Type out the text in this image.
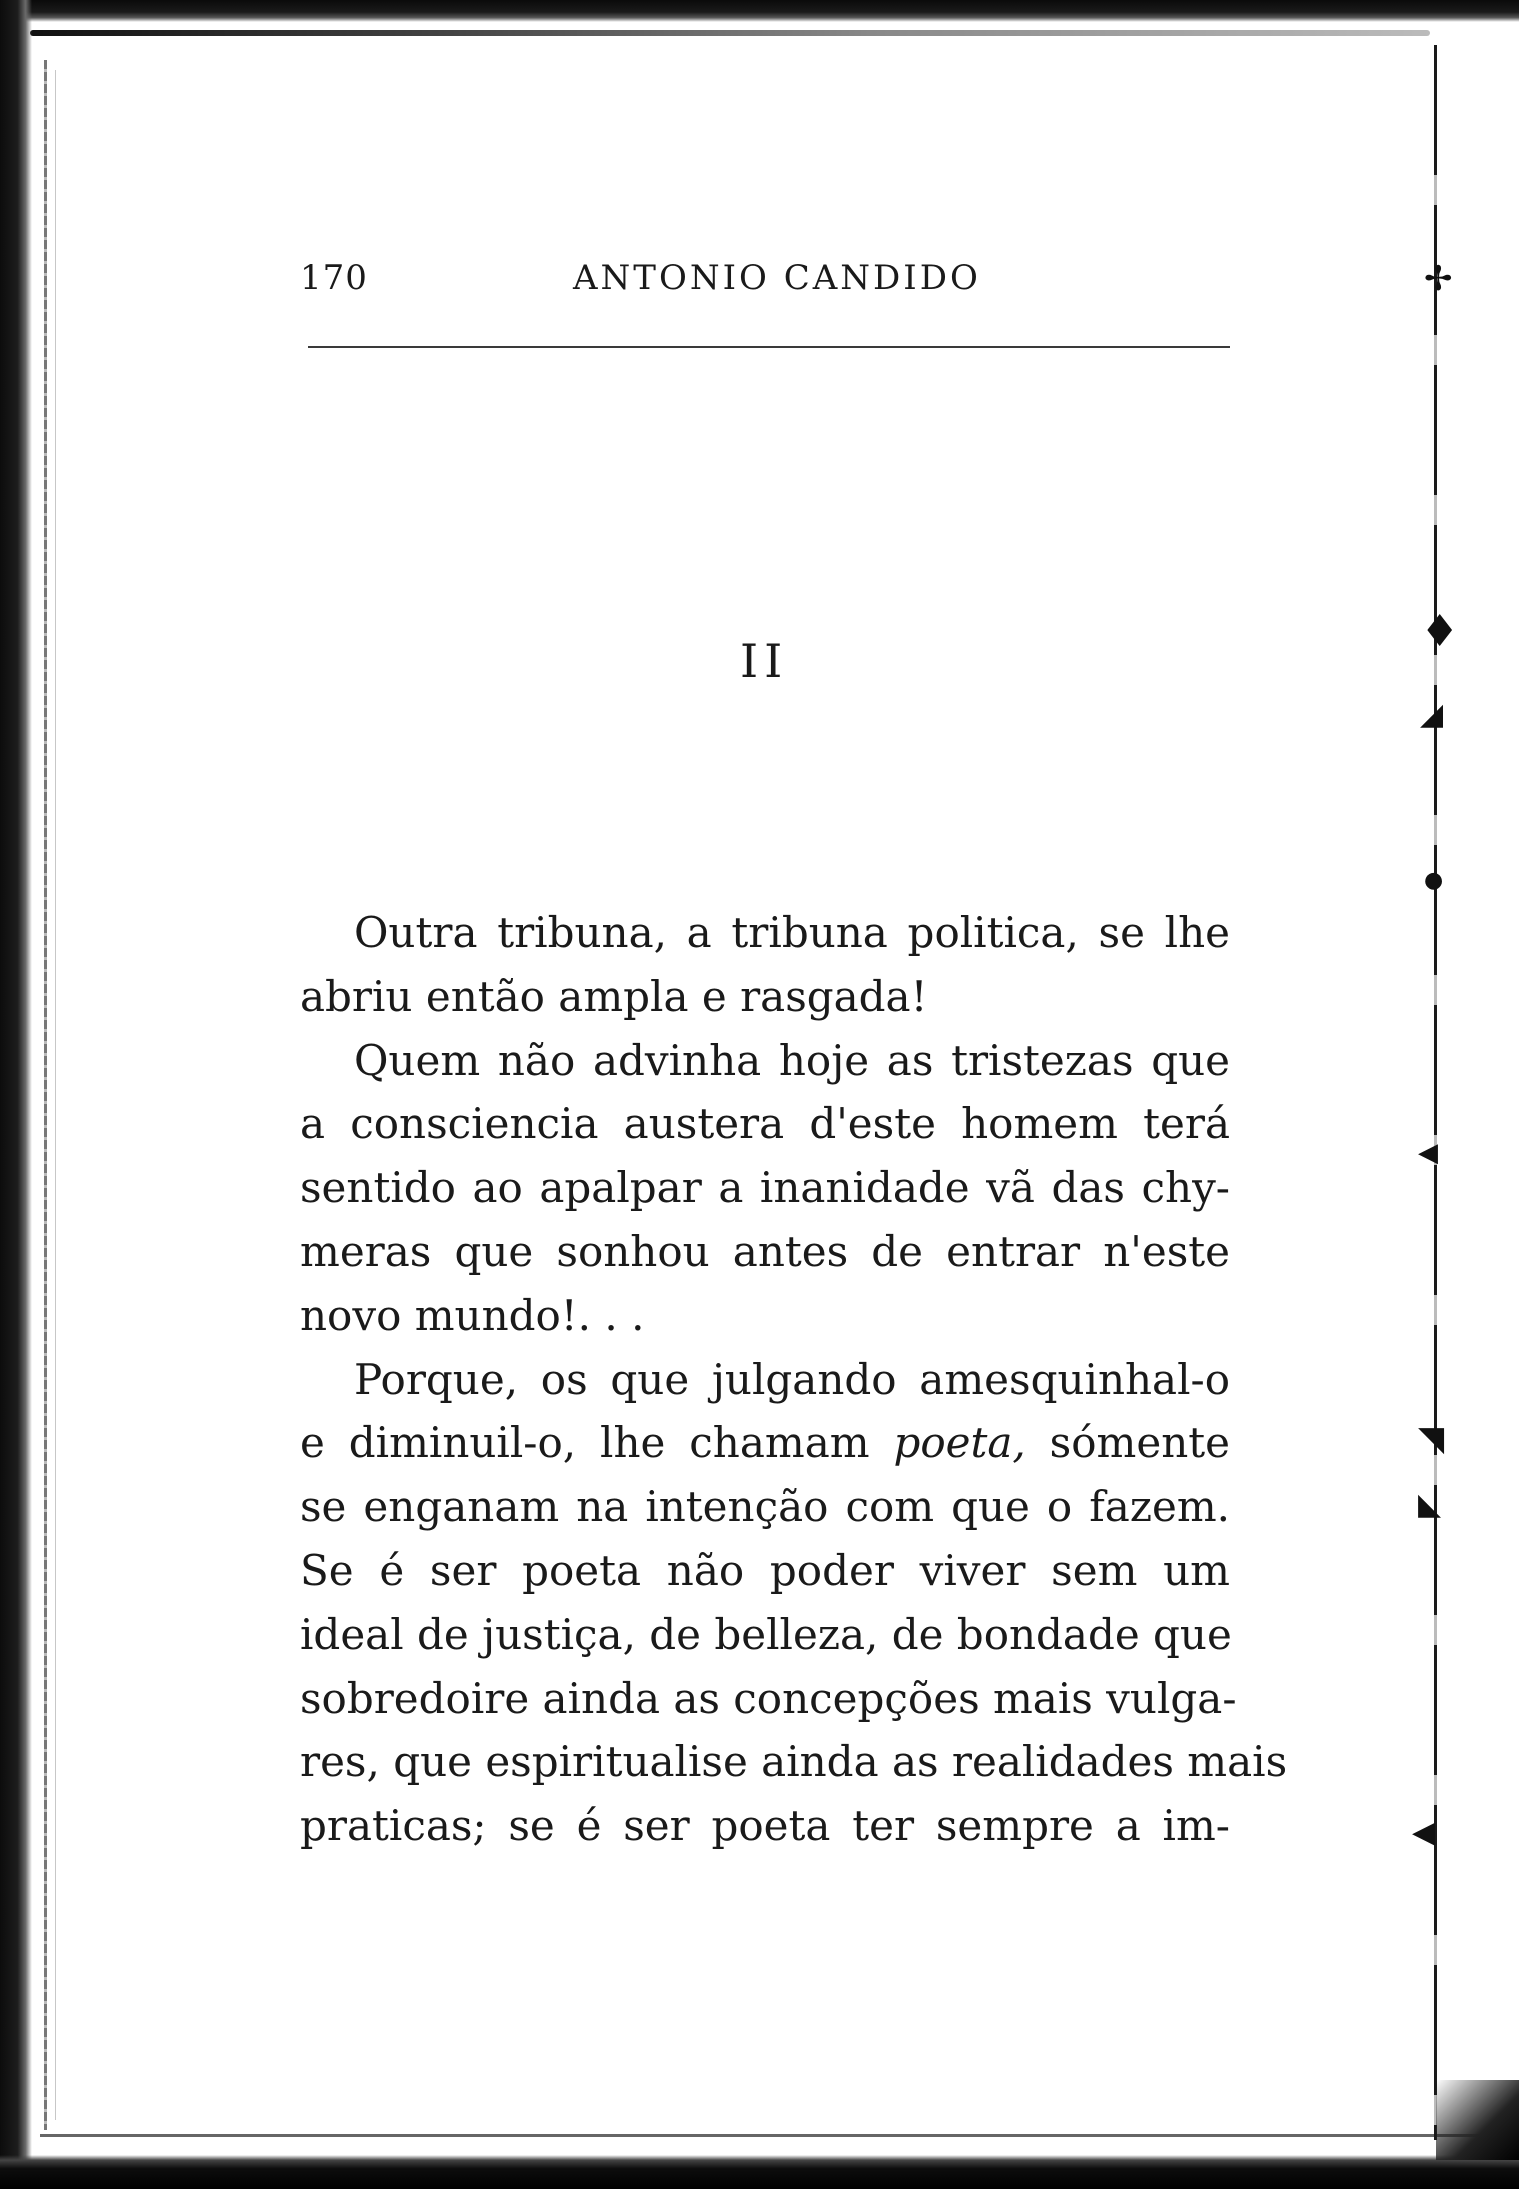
✢
♦
◢
●
◀
◥
◣
◀
170	ANTONIO CANDIDO
II

Outra tribuna, a tribuna politica, se lhe
abriu então ampla e rasgada!

Quem não advinha hoje as tristezas que
a consciencia austera d'este homem terá
sentido ao apalpar a inanidade vã das chy-
meras que sonhou antes de entrar n'este
novo mundo!. . .

Porque, os que julgando amesquinhal-o
e diminuil-o, lhe chamam poeta, sómente
se enganam na intenção com que o fazem.
Se é ser poeta não poder viver sem um
ideal de justiça, de belleza, de bondade que
sobredoire ainda as concepções mais vulga-
res, que espiritualise ainda as realidades mais
praticas; se é ser poeta ter sempre a im-
